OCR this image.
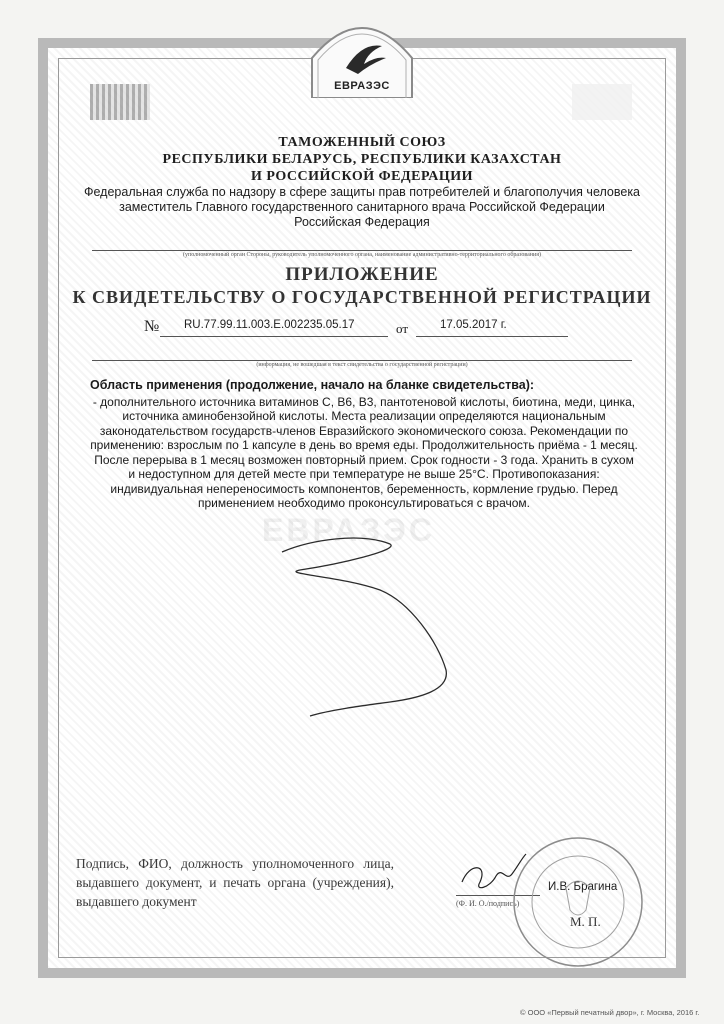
ЕВРАЗЭС
ТАМОЖЕННЫЙ СОЮЗ
РЕСПУБЛИКИ БЕЛАРУСЬ, РЕСПУБЛИКИ КАЗАХСТАН
И РОССИЙСКОЙ ФЕДЕРАЦИИ
Федеральная служба по надзору в сфере защиты прав потребителей и благополучия человека
заместитель Главного государственного санитарного врача Российской Федерации
Российская Федерация
(уполномоченный орган Стороны, руководитель уполномоченного органа, наименование административно-территориального образования)
ПРИЛОЖЕНИЕ
К СВИДЕТЕЛЬСТВУ О ГОСУДАРСТВЕННОЙ РЕГИСТРАЦИИ
№ RU.77.99.11.003.Е.002235.05.17	от	17.05.2017 г.
(информация, не вошедшая в текст свидетельства о государственной регистрации)
ЕВРАЗЭС
Область применения (продолжение, начало на бланке свидетельства):
- дополнительного источника витаминов С, В6, В3, пантотеновой кислоты, биотина, меди, цинка, источника аминобензойной кислоты. Места реализации определяются национальным законодательством государств-членов Евразийского экономического союза. Рекомендации по применению: взрослым по 1 капсуле в день во время еды. Продолжительность приёма - 1 месяц. После перерыва в 1 месяц возможен повторный прием. Срок годности - 3 года. Хранить в сухом и недоступном для детей месте при температуре не выше 25°С. Противопоказания: индивидуальная непереносимость компонентов, беременность, кормление грудью. Перед применением необходимо проконсультироваться с врачом.
Подпись, ФИО, должность уполномоченного лица, выдавшего документ, и печать органа (учреждения), выдавшего документ
И.В. Брагина
(Ф. И. О./подпись)
М. П.
© ООО «Первый печатный двор», г. Москва, 2016 г.
